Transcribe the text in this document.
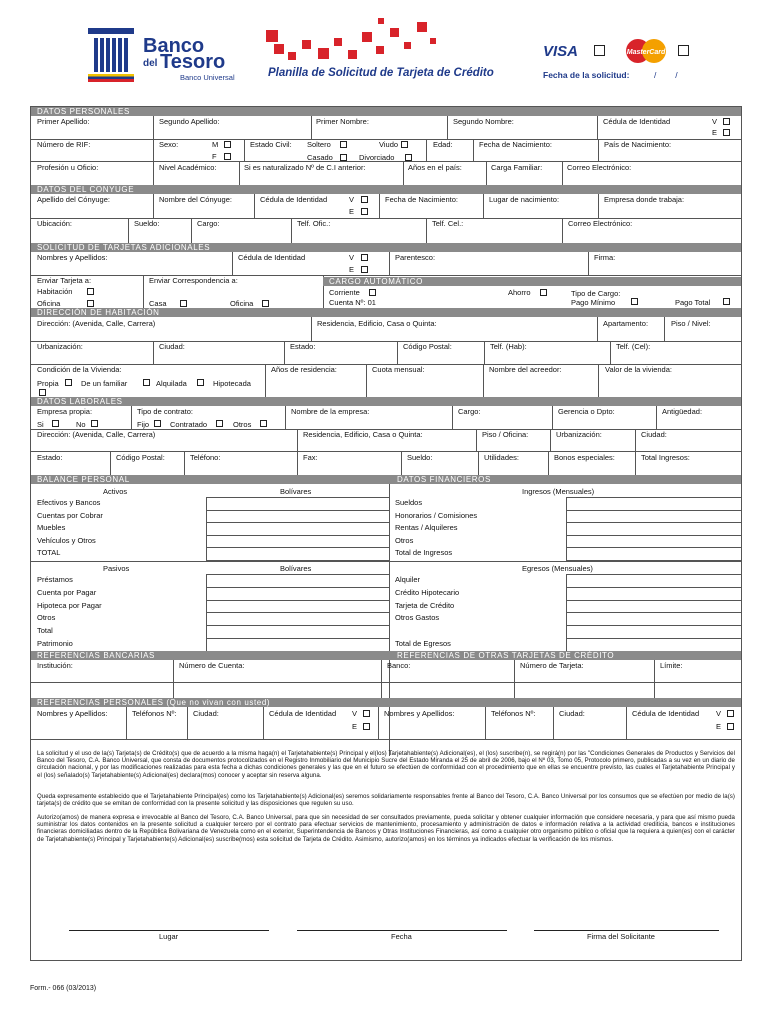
Banco
del Tesoro
Banco Universal	Planilla de Solicitud de Tarjeta de Crédito
VISA	MasterCard
Fecha de la solicitud:	/        /
DATOS PERSONALES
Primer Apellido:	Segundo Apellido:	Primer Nombre:	Segundo Nombre:	Cédula de Identidad	V
E
Número de RIF:	Sexo:	M
F
Estado Civil: Soltero	Viudo
Casado	Divorciado
Edad:	Fecha de Nacimiento:	País de Nacimiento:
Profesión u Oficio:	Nivel Académico:	Si es naturalizado Nº de C.I anterior:	Años en el país:	Carga Familiar:	Correo Electrónico:
DATOS DEL CONYUGE
Apellido del Cónyuge:	Nombre del Cónyuge:	Cédula de Identidad	V
E
Fecha de Nacimiento:	Lugar de nacimiento:	Empresa donde trabaja:
Ubicación:	Sueldo:	Cargo:	Telf. Ofic.:	Telf. Cel.:	Correo Electrónico:
SOLICITUD DE TARJETAS ADICIONALES
Nombres y Apellidos:	Cédula de Identidad	V
E
Parentesco:	Firma:
Enviar Tarjeta a:
Habitación
Oficina
Enviar Correspondencia a:
Casa	Oficina
CARGO AUTOMÁTICO
Corriente	Ahorro
Cuenta Nº: 01
Tipo de Cargo:
Pago Mínimo	Pago Total
DIRECCIÓN DE HABITACIÓN
Dirección: (Avenida, Calle, Carrera)	Residencia, Edificio, Casa o Quinta:	Apartamento:	Piso / Nivel:
Urbanización:	Ciudad:	Estado:	Código Postal:	Telf. (Hab):	Telf. (Cel):
Condición de la Vivienda:
Propia	De un familiar	Alquilada	Hipotecada
Años de residencia:	Cuota mensual:	Nombre del acreedor:	Valor de la vivienda:
DATOS LABORALES
Empresa propia:
Si	No
Tipo de contrato:
Fijo	Contratado	Otros
Nombre de la empresa:	Cargo:	Gerencia o Dpto:	Antigüedad:
Dirección: (Avenida, Calle, Carrera)	Residencia, Edificio, Casa o Quinta:	Piso / Oficina:	Urbanización:	Ciudad:
Estado:	Código Postal:	Teléfono:	Fax:	Sueldo:	Utilidades:	Bonos especiales:	Total Ingresos:
BALANCE PERSONAL	DATOS FINANCIEROS
Activos	Bolívares	Ingresos (Mensuales)
Efectivos y Bancos	Sueldos
Cuentas por Cobrar	Honorarios / Comisiones
Muebles	Rentas / Alquileres
Vehículos y Otros	Otros
TOTAL	Total de Ingresos
Pasivos	Bolívares	Egresos (Mensuales)
Préstamos	Alquiler
Cuenta por Pagar	Crédito Hipotecario
Hipoteca por Pagar	Tarjeta de Crédito
Otros	Otros Gastos
Total
Patrimonio	Total de Egresos
REFERENCIAS BANCARIAS	REFERENCIAS DE OTRAS TARJETAS DE CRÉDITO
Institución:	Número de Cuenta:	Banco:	Número de Tarjeta:	Límite:
REFERENCIAS PERSONALES (Que no vivan con usted)
Nombres y Apellidos:	Teléfonos Nº: Ciudad:	Cédula de Identidad V
E
Nombres y Apellidos:	Teléfonos Nº:	Ciudad:	Cédula de Identidad V
E
La solicitud y el uso de la(s) Tarjeta(s) de Crédito(s) que de acuerdo a la misma haga(n) el Tarjetahabiente(s) Principal y el(los) Tarjetahabiente(s) Adicional(es), el (los) suscribe(n), se regirá(n) por las "Condiciones Generales de Productos y Servicios del Banco del Tesoro, C.A. Banco Universal, que consta de documentos protocolizados en el Registro Inmobiliario del Municipio Sucre del Estado Miranda el 25 de abril de 2006, bajo el Nº 03, Tomo 05, Protocolo primero, publicadas a su vez en un diario de circulación nacional, y por las modificaciones realizadas para esta fecha a dichas condiciones generales y las que en el futuro se efectúen de conformidad con el procedimiento que en ellas se encuentre previsto, las cuales el Tarjetahabiente Principal y el (los) señalado(s) Tarjetahabiente(s) Adicional(es) declara(mos) conocer y aceptar sin reserva alguna.
Queda expresamente establecido que el Tarjetahabiente Principal(es) como los Tarjetahabiente(s) Adicional(es) seremos solidariamente responsables frente al Banco del Tesoro, C.A. Banco Universal por los consumos que se efectúen por medio de la(s) tarjeta(s) de crédito que se emitan de conformidad con la presente solicitud y las disposiciones que regulen su uso.
Autorizo(amos) de manera expresa e irrevocable al Banco del Tesoro, C.A. Banco Universal, para que sin necesidad de ser consultados previamente, pueda solicitar y obtener cualquier información que considere necesaria, y para que así mismo pueda suministrar los datos contenidos en la presente solicitud a cualquier tercero por el contrato para efectuar servicios de mantenimiento, procesamiento y administración de datos e información relativa a la actividad crediticia, bancos e instituciones financieras domiciliadas dentro de la República Bolivariana de Venezuela como en el exterior, Superintendencia de Bancos y Otras Instituciones Financieras, así como a cualquier otro organismo público o oficial que la requiera a quien(es) con el carácter de Tarjetahabiente(s) Principal y Tarjetahabiente(s) Adicional(es) suscribe(mos) esta solicitud de Tarjeta de Crédito. Asimismo, autorizo(amos) en los términos ya indicados efectuar la verificación de los mismos.
Lugar	Fecha	Firma del Solicitante
Form.- 066 (03/2013)
